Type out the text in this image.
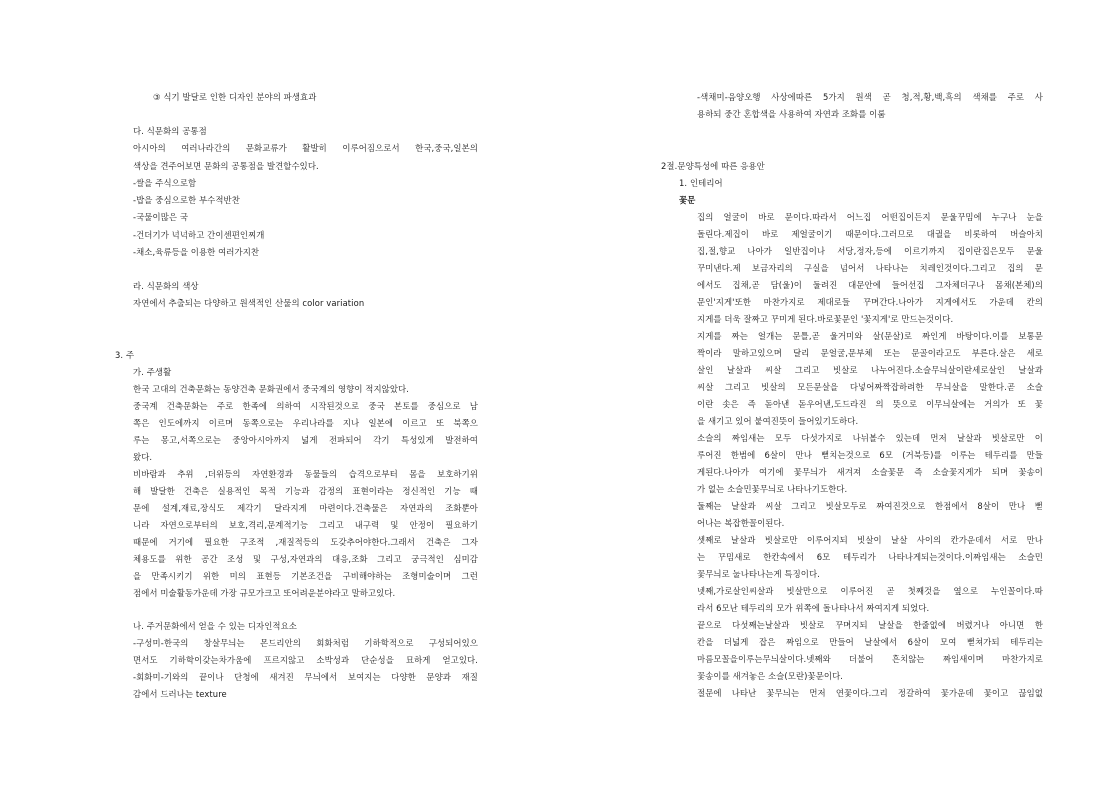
③ 식기 발달로 인한 디자인 분야의 파생효과
다. 식문화의 공통점
아시아의 여러나라간의 문화교류가 활발히 이루어짐으로서 한국,중국,일본의
색상을 견주어보면 문화의 공통점을 발견할수있다.
-쌀을 주식으로함
-밥을 중심으로한 부수적반찬
-국물이많은 국
-건더기가 넉넉하고 간이센편인찌개
-채소,육류등을 이용한 여러가지찬
라. 식문화의 색상
자연에서 추출되는 다양하고 원색적인 산물의 color variation
3. 주
가. 주생활
한국 고대의 건축문화는 동양건축 문화권에서 중국계의 영향이 적지않았다.
중국계 건축문화는 주로 한족에 의하여 시작된것으로 중국 본토를 중심으로 남
쪽은 인도에까지 이르며 동쪽으로는 우리나라를 지나 일본에 이르고 또 북쪽으
루는 몽고,서쪽으로는 중앙아시아까지 넓게 전파되어 각기 특성있게 발전하여
왔다.
비바람과 추위 ,더위등의 자연환경과 동물들의 습격으로부터 몸을 보호하기위
해 발달한 건축은 실용적인 목적 기능과 감정의 표현이라는 정신적인 기능 때
문에 설계,재료,장식도 제각기 달라지게 마련이다.건축물은 자연과의 조화뿐아
니라 자연으로부터의 보호,격리,문계적기능 그리고 내구력 및 안정이 필요하기
때문에 거기에 필요한 구조적 ,재질적등의 도갖추어야한다.그래서 건축은 그자
체용도를 위한 공간 조성 및 구성,자연과의 대응,조화 그리고 궁극적인 심미감
을 만족시키기 위한 미의 표현등 기본조건을 구비해야하는 조형미술이며 그런
점에서 미술활동가운데 가장 규모가크고 또어려운분야라고 말하고있다.
나. 주거문화에서 얻을 수 있는 디자인적요소
-구성미-한국의 창살무늬는 몬드리안의 회화처럼 기하학적으로 구성되어있으
면서도 기하학이갖는차가움에 프르지않고 소박성과 단순성을 묘하게 얻고있다.
-회화미-기와의 끝이나 단청에 새겨진 무늬에서 보여지는 다양한 문양과 재질
감에서 드러나는 texture
-색채미-음양오행 사상에따른 5가지 원색 곧 청,적,황,백,흑의 색채를 주로 사
용하되 중간 혼합색을 사용하여 자연과 조화를 이룸
2절.문양특성에 따른 응용안
1. 인테리어
꽃문
집의 얼굴이 바로 문이다.따라서 어느집 어떤집이든지 문울꾸밈에 누구나 눈을
돌린다.제집이 바로 제얼굴이기 때문이다.그러므로 대궐을 비롯하여 버슬아치
집,절,향교 나아가 일반집이나 서당,정자,등에 이르기까지 집이란집은모두 문울
꾸미낸다.제 보금자리의 구실을 넘어서 나타나는 치레인것이다.그리고 집의 문
에서도 집채,곧 담(울)이 둘려진 대문안에 들어선집 그자체더구나 몸채(본체)의
문인'지게'또한 마찬가지로 제대로들 꾸며간다.나아가 지게에서도 가운데 칸의
지게를 더욱 잘짜고 꾸미게 된다.바로꽃문인 '꽃지게'로 만드는것이다.
지게를 짜는 얼개는 문틀,곧 울거미와 살(문살)로 짜인게 바탕이다.이를 보통문
짝이라 말하고있으며 달리 문얼굴,문부체 또는 문골이라고도 부른다.살은 세로
살인 날살과 씨살 그리고 빗살로 나누어진다.소슬무늬살이란세로살인 날살과
씨살 그리고 빗살의 모든문살을 다넣어짜짝잡하려한 무늬살을 말한다.곧 소슬
이란 솟은 즉 돋아낸 돋우어낸,도드라진 의 뜻으로 이무늬살에는 거의가 또 꽃
을 새기고 있어 붙여진뜻이 들어있기도하다.
소슬의 짜임새는 모두 다섯가지로 나뉘볼수 있는데 먼저 날살과 빗살로만 이
루어진 한범에 6살이 만나 뻗치는것으로 6모 (거북등)를 이루는 테두리를 만들
게된다.나아가 여기에 꽃무늬가 새겨져 소슬꽃문 즉 소슬꽃지게가 되며 꽃송이
가 없는 소슬민꽃무늬로 나타나기도한다.
둘째는 날살과 씨살 그리고 빗살모두로 짜여진것으로 한점에서 8살이 만나 뻗
어나는 복잡한꼴이된다.
셋째로 날살과 빗살로만 이루어지되 빗살이 날살 사이의 칸가운데서 서로 만나
는 꾸밈새로 한칸속에서 6모 테두리가 나타나게되는것이다.이짜임새는 소슬민
꽃무늬로 눌나타나는게 특징이다.
넷째,가로살인씨살과 빗살만으로 이루어진 곧 첫째것을 옆으로 누인꼴이다.따
라서 6모난 테두리의 모가 위쪽에 돌나타나서 짜여지게 되었다.
끝으로 다섯째는날살과 빗살로 꾸며지되 날살을 한줄없에 버렸거나 아니면 한
칸을 더넓게 잡은 짜임으로 만들어 날살에서 6살이 모여 뻗쳐가되 테두리는
마름모꼴을이루는무늬살이다.넷째와 더불어 흔치않는 짜임새이며 마찬가지로
꽃송이를 새겨놓은 소슬(모란)꽃문이다.
절문에 나타난 꽃무늬는 먼저 연꽃이다.그리 정갈하여 꽃가운데 꽃이고 끊임없
